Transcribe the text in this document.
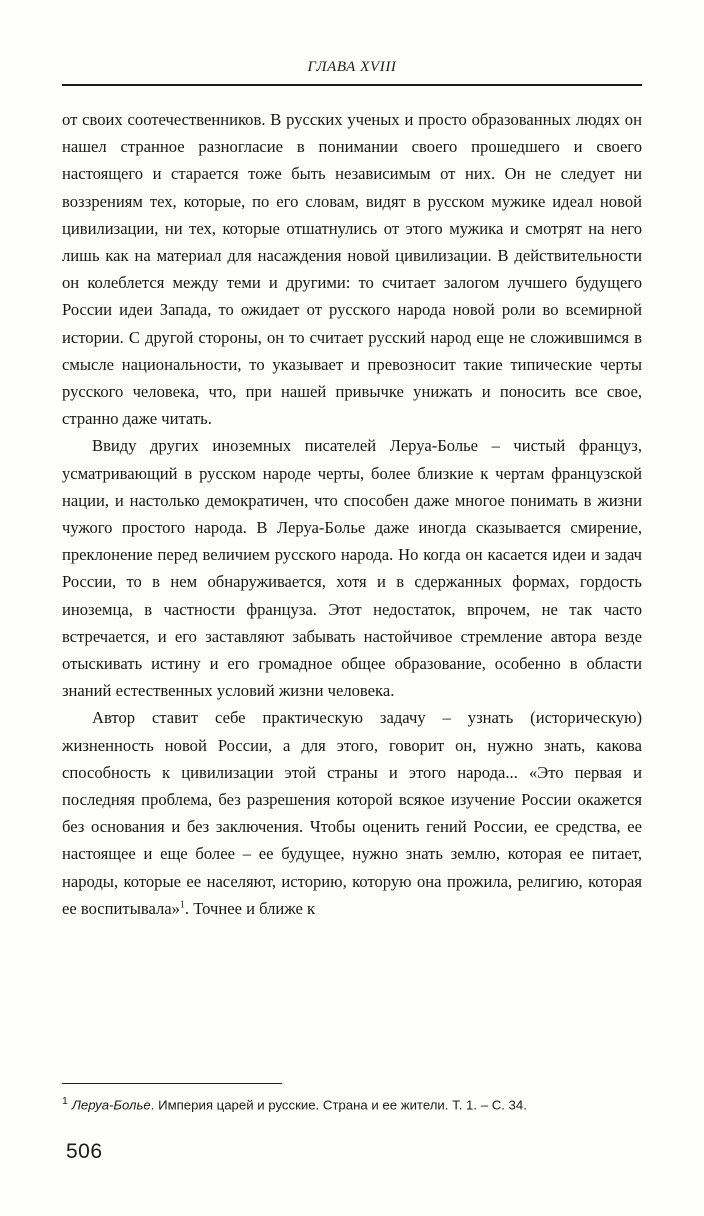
ГЛАВА XVIII

от своих соотечественников. В русских ученых и просто образованных людях он нашел странное разногласие в понимании своего прошедшего и своего настоящего и старается тоже быть независимым от них. Он не следует ни воззрениям тех, которые, по его словам, видят в русском мужике идеал новой цивилизации, ни тех, которые отшатнулись от этого мужика и смотрят на него лишь как на материал для насаждения новой цивилизации. В действительности он колеблется между теми и другими: то считает залогом лучшего будущего России идеи Запада, то ожидает от русского народа новой роли во всемирной истории. С другой стороны, он то считает русский народ еще не сложившимся в смысле национальности, то указывает и превозносит такие типические черты русского человека, что, при нашей привычке унижать и поносить все свое, странно даже читать.

Ввиду других иноземных писателей Леруа-Болье – чистый француз, усматривающий в русском народе черты, более близкие к чертам французской нации, и настолько демократичен, что способен даже многое понимать в жизни чужого простого народа. В Леруа-Болье даже иногда сказывается смирение, преклонение перед величием русского народа. Но когда он касается идеи и задач России, то в нем обнаруживается, хотя и в сдержанных формах, гордость иноземца, в частности француза. Этот недостаток, впрочем, не так часто встречается, и его заставляют забывать настойчивое стремление автора везде отыскивать истину и его громадное общее образование, особенно в области знаний естественных условий жизни человека.

Автор ставит себе практическую задачу – узнать (историческую) жизненность новой России, а для этого, говорит он, нужно знать, какова способность к цивилизации этой страны и этого народа... «Это первая и последняя проблема, без разрешения которой всякое изучение России окажется без основания и без заключения. Чтобы оценить гений России, ее средства, ее настоящее и еще более – ее будущее, нужно знать землю, которая ее питает, народы, которые ее населяют, историю, которую она прожила, религию, которая ее воспитывала»$^1$. Точнее и ближе к

$^1$ Леруа-Болье. Империя царей и русские. Страна и ее жители. Т. 1. – С. 34.
506
